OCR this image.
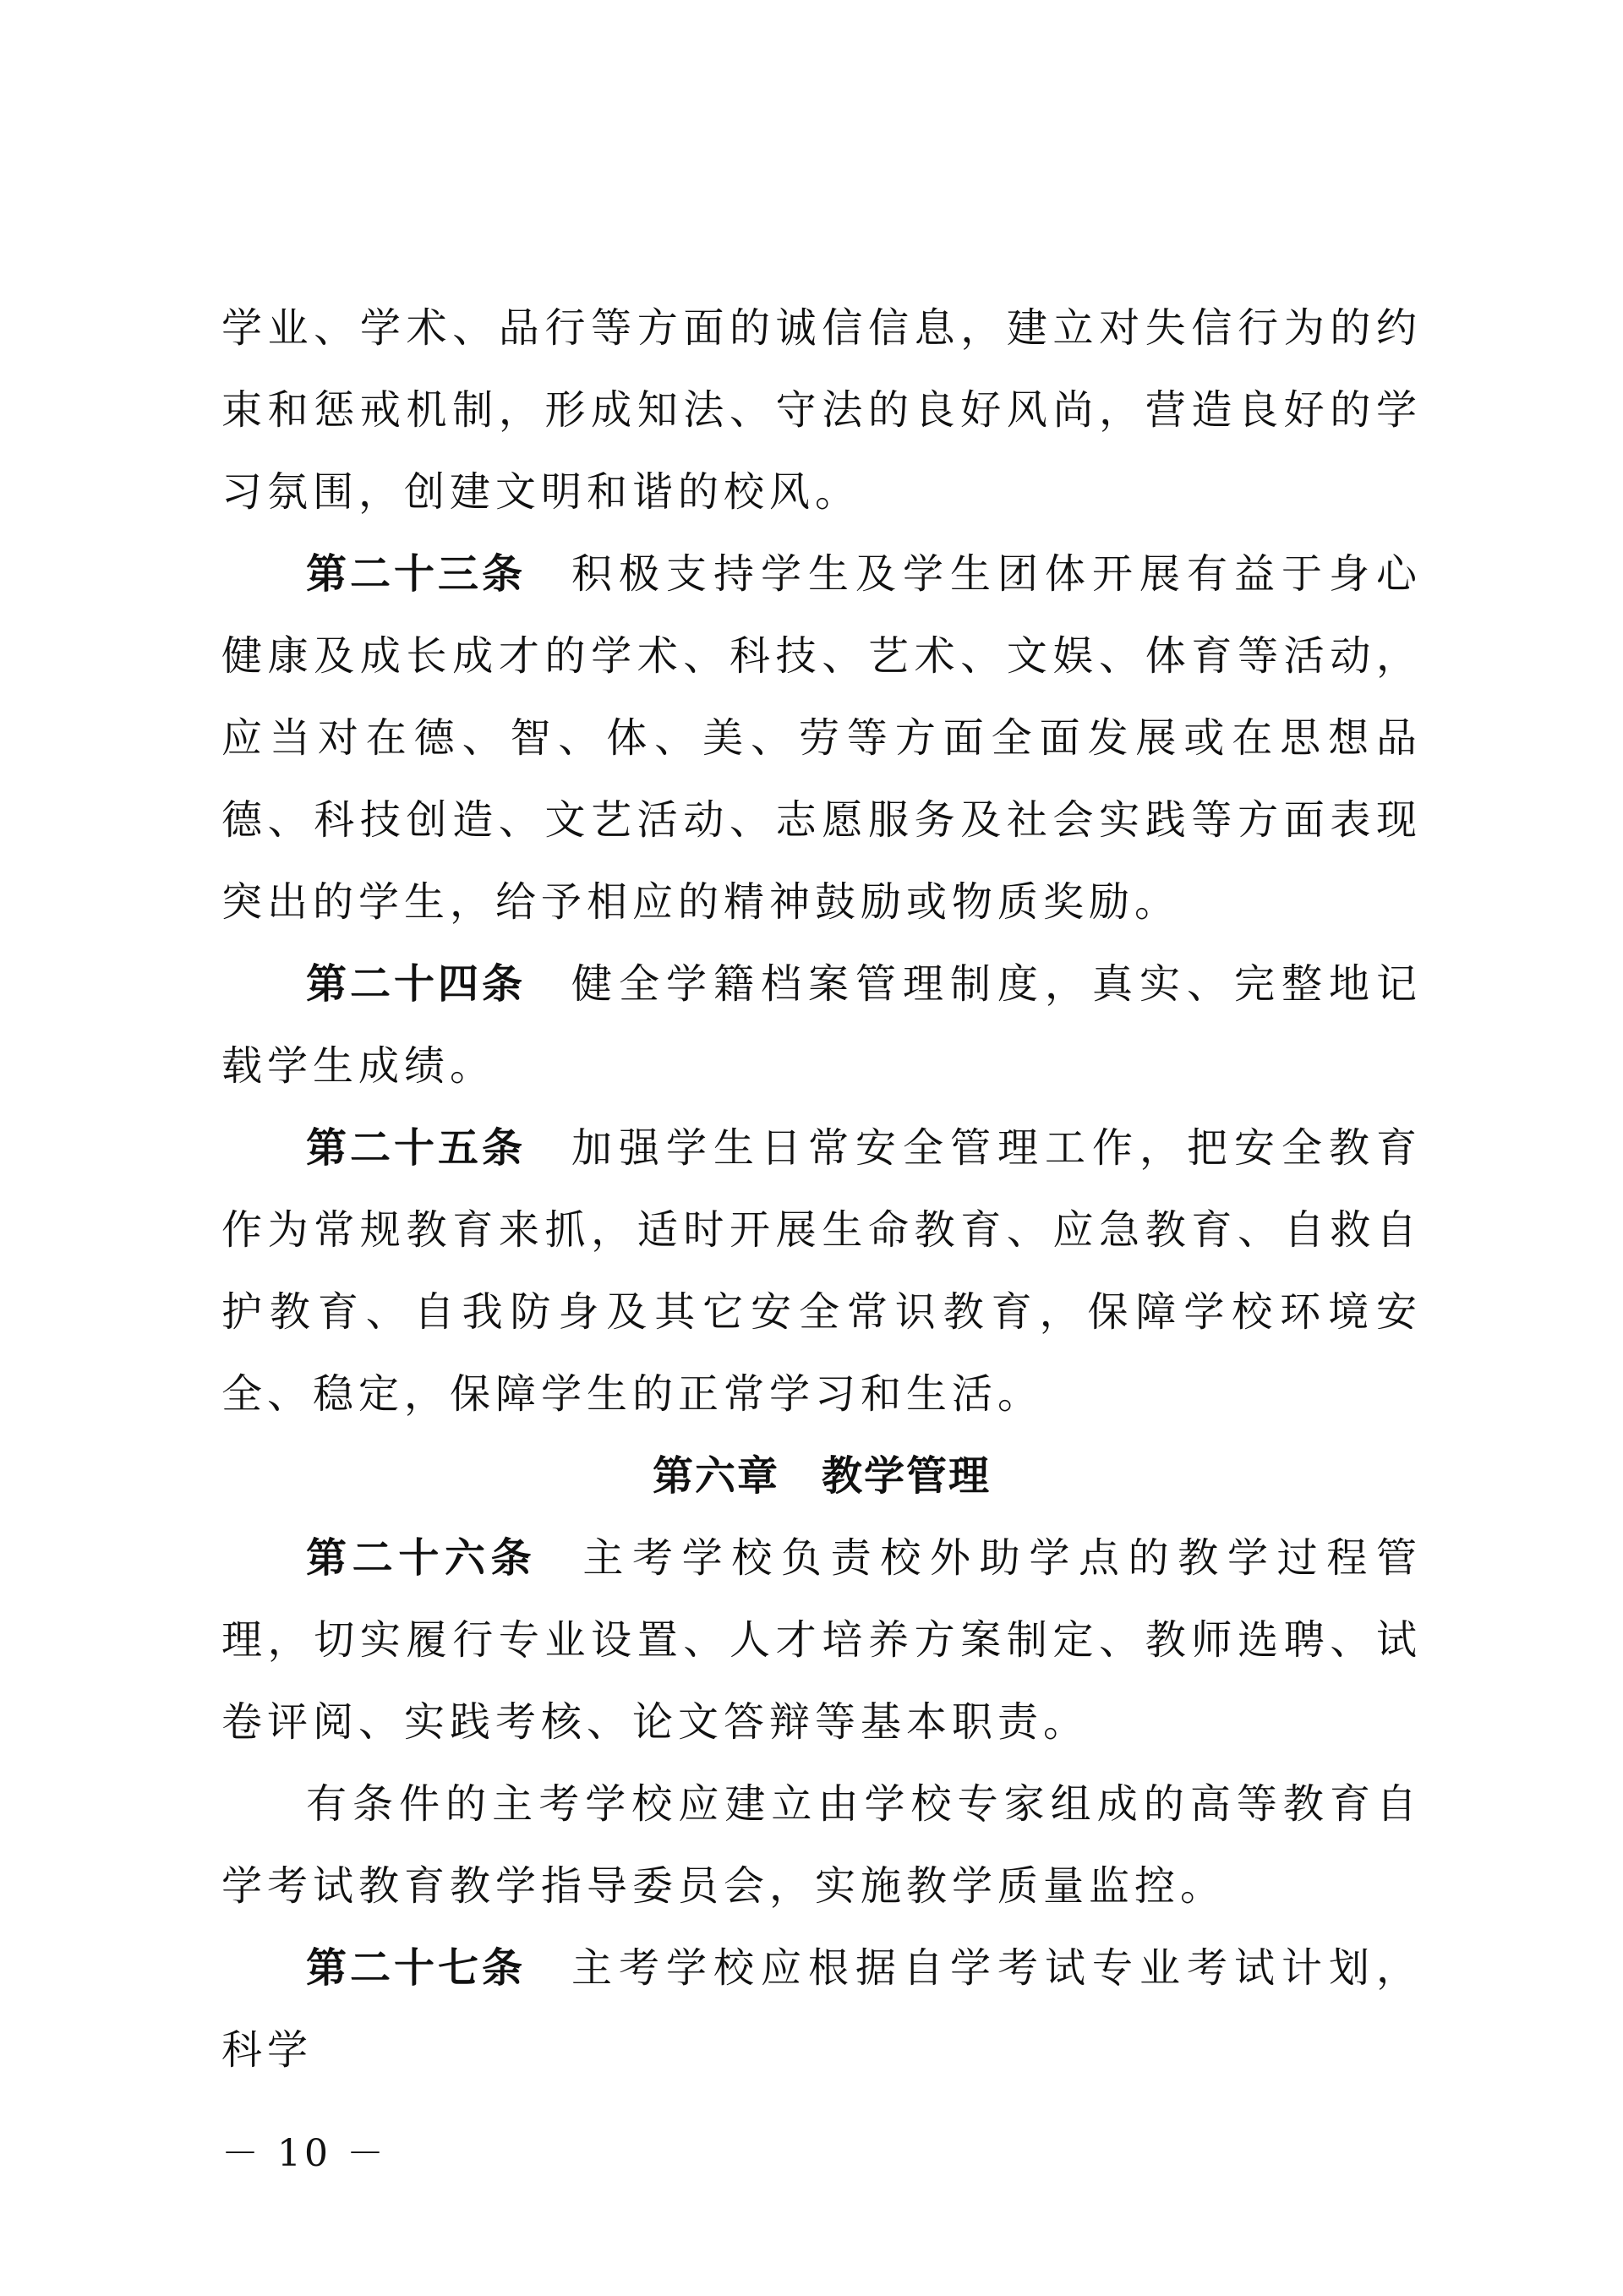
学业、学术、品行等方面的诚信信息，建立对失信行为的约束和惩戒机制，形成知法、守法的良好风尚，营造良好的学习氛围，创建文明和谐的校风。

第二十三条 积极支持学生及学生团体开展有益于身心健康及成长成才的学术、科技、艺术、文娱、体育等活动，应当对在德、智、体、美、劳等方面全面发展或在思想品德、科技创造、文艺活动、志愿服务及社会实践等方面表现突出的学生，给予相应的精神鼓励或物质奖励。

第二十四条 健全学籍档案管理制度，真实、完整地记载学生成绩。

第二十五条 加强学生日常安全管理工作，把安全教育作为常规教育来抓，适时开展生命教育、应急教育、自救自护教育、自我防身及其它安全常识教育，保障学校环境安全、稳定，保障学生的正常学习和生活。

第六章　教学管理

第二十六条 主考学校负责校外助学点的教学过程管理，切实履行专业设置、人才培养方案制定、教师选聘、试卷评阅、实践考核、论文答辩等基本职责。

有条件的主考学校应建立由学校专家组成的高等教育自学考试教育教学指导委员会，实施教学质量监控。

第二十七条 主考学校应根据自学考试专业考试计划，科学

－ 10 －
